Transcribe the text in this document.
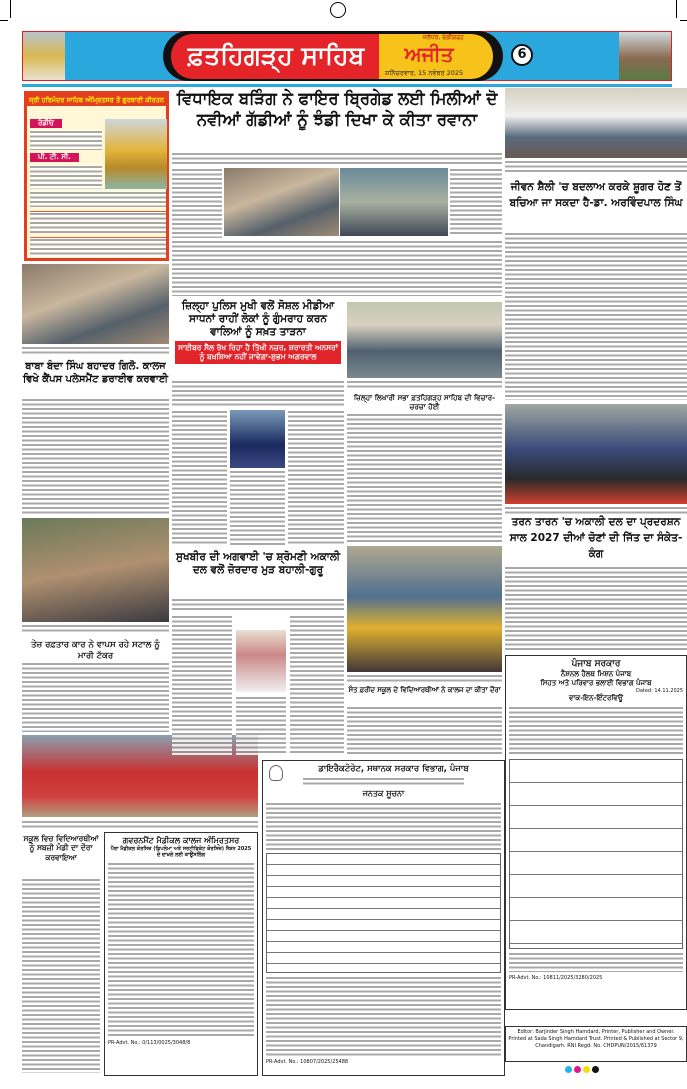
ਫ਼ਤਹਿਗੜ੍ਹ ਸਾਹਿਬ
ਜਲੰਧਰ, ਚੰਡੀਗੜ੍ਹ
ਅਜੀਤ
ਸ਼ਨਿੱਚਰਵਾਰ, 15 ਨਵੰਬਰ 2025
6
ਸ੍ਰੀ ਹਰਿਮੰਦਰ ਸਾਹਿਬ ਅੰਮ੍ਰਿਤਸਰ ਤੋਂ ਗੁਰਬਾਣੀ ਕੀਰਤਨ
ਰੇਡੀਓ
ਪੀ. ਟੀ. ਸੀ.
ਬਾਬਾ ਬੰਦਾ ਸਿੰਘ ਬਹਾਦਰ ਗਿਲੋ. ਕਾਲਜ ਵਿਖੇ ਕੈਂਪਸ ਪਲੇਸਮੈਂਟ ਡਰਾਈਵ ਕਰਵਾਈ
ਤੇਜ਼ ਰਫ਼ਤਾਰ ਕਾਰ ਨੇ ਵਾਪਸ ਰਹੇ ਸਟਾਲ ਨੂੰ ਮਾਰੀ ਟੱਕਰ
ਸਕੂਲ ਵਿਚ ਵਿਦਿਆਰਥੀਆਂ ਨੂੰ ਸਬਜ਼ੀ ਮੰਡੀ ਦਾ ਦੌਰਾ ਕਰਵਾਇਆ
ਗਵਰਨਮੈਂਟ ਮੈਡੀਕਲ ਕਾਲਜ ਅੰਮ੍ਰਿਤਸਰ
ਪੈਰਾ ਮੈਡੀਕਲ ਕੋਰਸਿਜ਼ (ਡਿਪਲੋਮਾ ਅਤੇ ਸਰਟੀਫਿਕੇਟ ਕੋਰਸਿਜ਼) ਸੈਸ਼ਨ 2025 ਦੇ ਦਾਖ਼ਲੇ ਲਈ ਕਾਊਂਸਲਿੰਗ
PR-Advt. No.: 0/113/0025/3048/8
ਵਿਧਾਇਕ ਬੜਿੰਗ ਨੇ ਫਾਇਰ ਬ੍ਰਿਗੇਡ ਲਈ ਮਿਲੀਆਂ ਦੋ ਨਵੀਆਂ ਗੱਡੀਆਂ ਨੂੰ ਝੰਡੀ ਦਿਖਾ ਕੇ ਕੀਤਾ ਰਵਾਨਾ
ਜ਼ਿਲ੍ਹਾ ਪੁਲਿਸ ਮੁਖੀ ਵਲੋਂ ਸੋਸ਼ਲ ਮੀਡੀਆ ਸਾਧਨਾਂ ਰਾਹੀਂ ਲੋਕਾਂ ਨੂੰ ਗੁੰਮਰਾਹ ਕਰਨ ਵਾਲਿਆਂ ਨੂੰ ਸਖ਼ਤ ਤਾੜਨਾ
ਸਾਈਬਰ ਸੈੱਲ ਰੱਖ ਰਿਹਾ ਹੈ ਤਿੱਖੀ ਨਜ਼ਰ, ਸ਼ਰਾਰਤੀ ਅਨਸਰਾਂ ਨੂੰ ਬਖ਼ਸ਼ਿਆ ਨਹੀਂ ਜਾਵੇਗਾ-ਸ਼ੁਭਮ ਅਗਰਵਾਲ
ਜ਼ਿਲ੍ਹਾ ਲਿਖਾਰੀ ਸਭਾ ਫ਼ਤਹਿਗੜ੍ਹ ਸਾਹਿਬ ਦੀ ਵਿਚਾਰ-ਚਰਚਾ ਹੋਈ
ਸੁਖਬੀਰ ਦੀ ਅਗਵਾਈ 'ਚ ਸ਼੍ਰੋਮਣੀ ਅਕਾਲੀ ਦਲ ਵਲੋਂ ਜ਼ੋਰਦਾਰ ਮੁੜ ਬਹਾਲੀ-ਗੁਰੂ
ਸੰਤ ਫ਼ਰੀਦ ਸਕੂਲ ਦੇ ਵਿਦਿਆਰਥੀਆਂ ਨੇ ਕਾਲਜ ਦਾ ਕੀਤਾ ਦੌਰਾ
ਡਾਇਰੈਕਟੋਰੇਟ, ਸਥਾਨਕ ਸਰਕਾਰ ਵਿਭਾਗ, ਪੰਜਾਬ
ਜਨਤਕ ਸੂਚਨਾ
PR-Advt. No.: 10807/2025/25488
ਜੀਵਨ ਸ਼ੈਲੀ 'ਚ ਬਦਲਾਅ ਕਰਕੇ ਸ਼ੂਗਰ ਹੋਣ ਤੋਂ ਬਚਿਆ ਜਾ ਸਕਦਾ ਹੈ-ਡਾ. ਅਰਵਿੰਦਪਾਲ ਸਿੰਘ
ਤਰਨ ਤਾਰਨ 'ਚ ਅਕਾਲੀ ਦਲ ਦਾ ਪ੍ਰਦਰਸ਼ਨ ਸਾਲ 2027 ਦੀਆਂ ਚੋਣਾਂ ਦੀ ਜਿੱਤ ਦਾ ਸੰਕੇਤ-ਕੰਗ
ਪੰਜਾਬ ਸਰਕਾਰ
ਨੈਸ਼ਨਲ ਹੈਲਥ ਮਿਸ਼ਨ ਪੰਜਾਬ
ਸਿਹਤ ਅਤੇ ਪਰਿਵਾਰ ਭਲਾਈ ਵਿਭਾਗ ਪੰਜਾਬ
Dated: 14.11.2025
ਵਾਕ-ਇਨ-ਇੰਟਰਵਿਊ
PR-Advt. No.: 10811/2025/3280/2025
Editor: Barjinder Singh Hamdard, Printer, Publisher and Owner. Printed at Sada Singh Hamdard Trust. Printed & Published at Sector 9, Chandigarh. RNI Regd. No. CHDPUN/2015/61379
